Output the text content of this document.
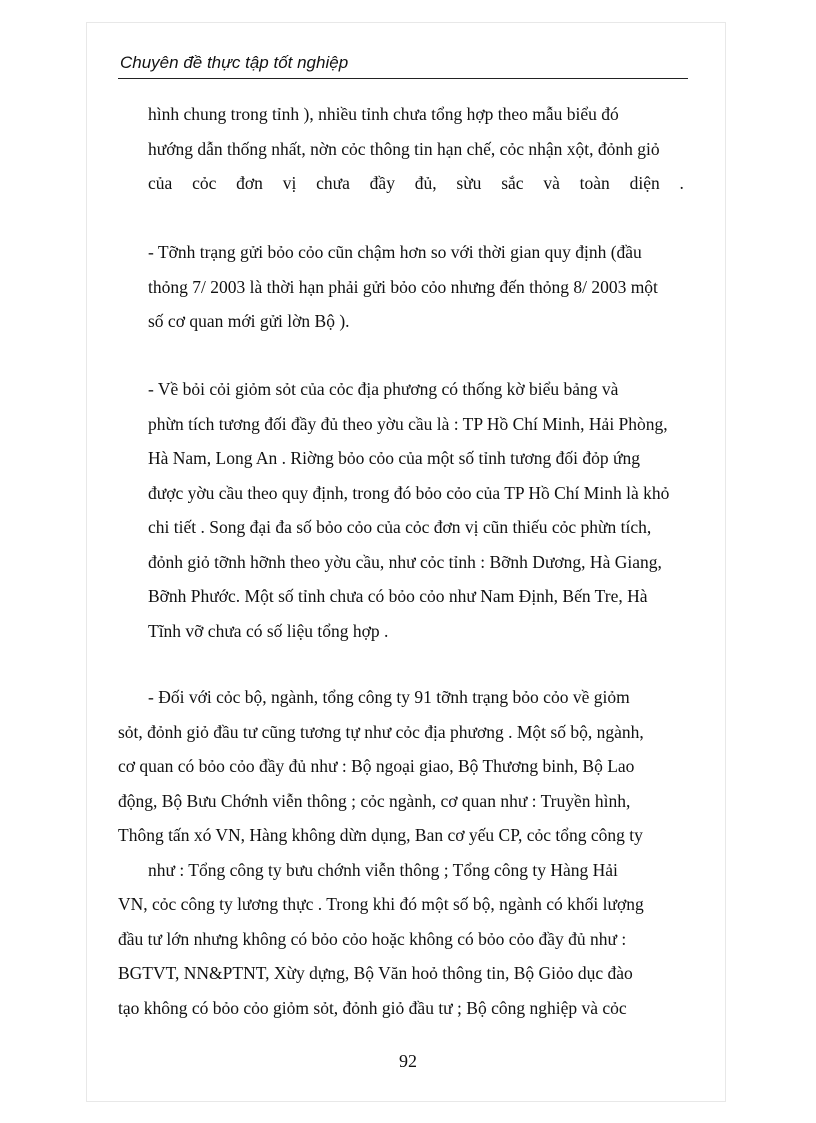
Chuyên đề thực tập tốt nghiệp
hình chung trong tỉnh ), nhiều tỉnh chưa tổng hợp theo mẫu biểu đó
hướng dẫn thống nhất, nờn cỏc thông tin hạn chế, cỏc nhận xột, đỏnh giỏ
của cỏc đơn vị chưa đầy đủ, sừu sắc và toàn diện .
- Tỡnh trạng gửi bỏo cỏo cũn chậm hơn so với thời gian quy định (đầu
thỏng 7/ 2003 là thời hạn phải gửi bỏo cỏo nhưng đến thỏng 8/ 2003 một
số cơ quan mới gửi lờn Bộ ).
- Về bỏi cỏi giỏm sỏt của cỏc địa phương có thống kờ biểu bảng và
phừn tích tương đối đầy đủ theo yờu cầu là : TP Hồ Chí Minh, Hải Phòng,
Hà Nam, Long An . Riờng bỏo cỏo của một số tỉnh tương đối đỏp ứng
được yờu cầu theo quy định, trong đó bỏo cỏo của TP Hồ Chí Minh là khỏ
chi tiết . Song đại đa số bỏo cỏo của cỏc đơn vị cũn thiếu cỏc phừn tích,
đỏnh giỏ tỡnh hỡnh theo yờu cầu, như cỏc tỉnh : Bỡnh Dương, Hà Giang,
Bỡnh Phước. Một số tỉnh chưa có bỏo cỏo như Nam Định, Bến Tre, Hà
Tĩnh vỡ chưa có số liệu tổng hợp .
- Đối với cỏc bộ, ngành, tổng công ty 91 tỡnh trạng bỏo cỏo về giỏm
sỏt, đỏnh giỏ đầu tư cũng tương tự như cỏc địa phương . Một số bộ, ngành,
cơ quan có bỏo cỏo đầy đủ như : Bộ ngoại giao, Bộ Thương binh, Bộ Lao
động, Bộ Bưu Chớnh viễn thông ; cỏc ngành, cơ quan như : Truyền hình,
Thông tấn xó VN, Hàng không dừn dụng, Ban cơ yếu CP, cỏc tổng công ty
như : Tổng công ty bưu chớnh viễn thông ; Tổng công ty Hàng Hải
VN, cỏc công ty lương thực . Trong khi đó một số bộ, ngành có khối lượng
đầu tư lớn nhưng không có bỏo cỏo hoặc không có bỏo cỏo đầy đủ như :
BGTVT, NN&PTNT, Xừy dựng, Bộ Văn hoỏ thông tin, Bộ Giỏo dục đào
tạo không có bỏo cỏo giỏm sỏt, đỏnh giỏ đầu tư ; Bộ công nghiệp và cỏc
92
